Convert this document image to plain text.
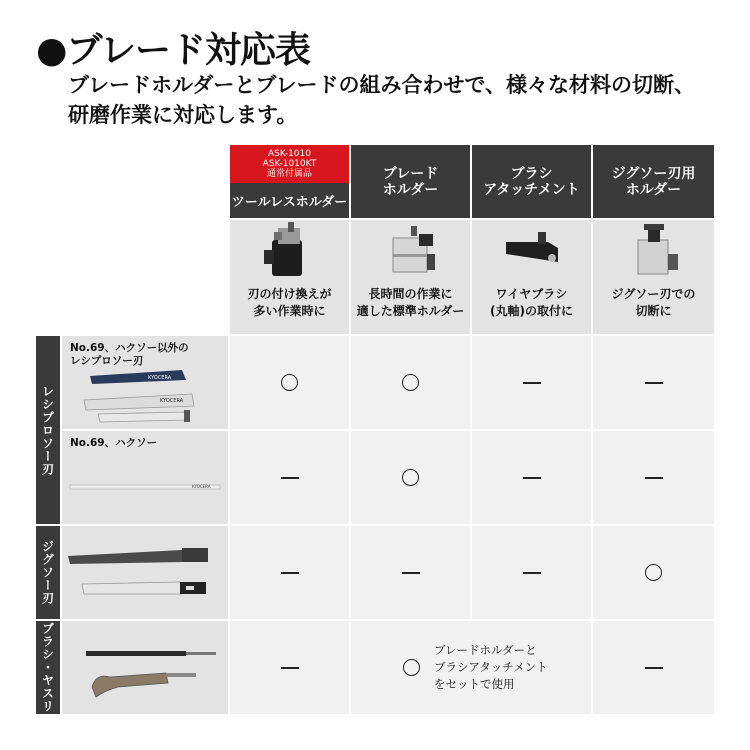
●ブレード対応表
ブレードホルダーとブレードの組み合わせで、様々な材料の切断、
研磨作業に対応します。
ASK-1010
ASK-1010KT
通常付属品
ツールレスホルダー
ブレード
ホルダー
ブラシ
アタッチメント
ジグソー刃用
ホルダー
刃の付け換えが
多い作業時に
長時間の作業に
適した標準ホルダー
ワイヤブラシ
(丸軸)の取付に
ジグソー刃での
切断に
レシプロソー刃
ジグソー刃
ブラシ・ヤスリ
No.69、ハクソー以外の
レシプロソー刃
KYOCERA
KYOCERA
No.69、ハクソー
KYOCERA
ブレードホルダーと
ブラシアタッチメント
をセットで使用
